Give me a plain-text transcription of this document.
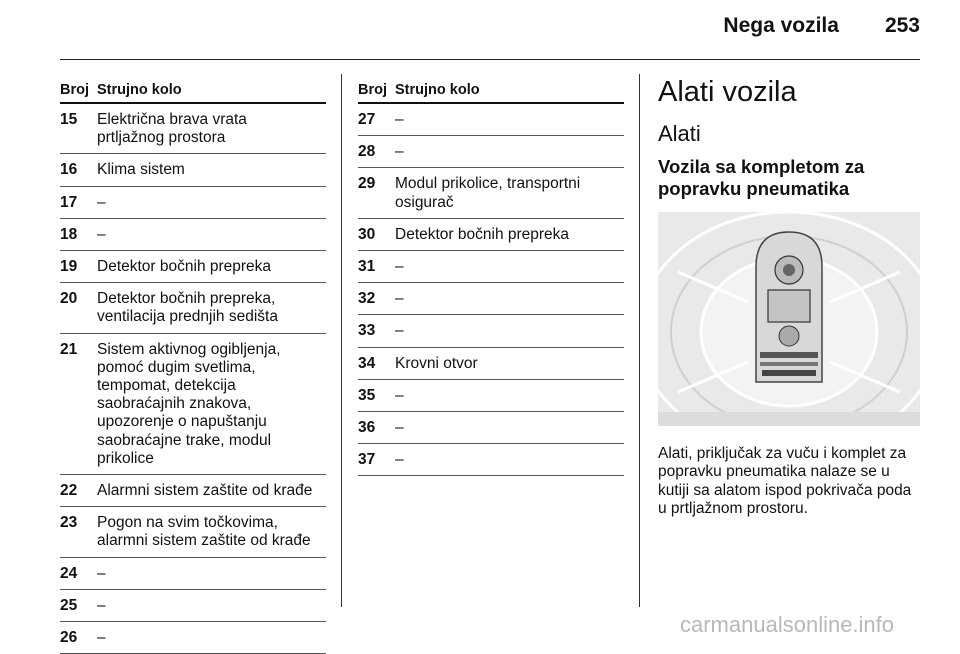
Nega vozila 253
Broj Strujno kolo
15	Električna brava vrata
prtljažnog prostora
16	Klima sistem
17	–
18	–
19	Detektor bočnih prepreka
20	Detektor bočnih prepreka,
ventilacija prednjih sedišta
21	Sistem aktivnog ogibljenja,
pomoć dugim svetlima,
tempomat, detekcija
saobraćajnih znakova,
upozorenje o napuštanju
saobraćajne trake, modul
prikolice
22	Alarmni sistem zaštite od krađe
23	Pogon na svim točkovima,
alarmni sistem zaštite od krađe
24	–
25	–
26	–
Broj Strujno kolo
27	–
28	–
29	Modul prikolice, transportni
osigurač
30	Detektor bočnih prepreka
31	–
32	–
33	–
34	Krovni otvor
35	–
36	–
37	–
Alati vozila
Alati
Vozila sa kompletom za
popravku pneumatika
Alati, priključak za vuču i komplet za
popravku pneumatika nalaze se u
kutiji sa alatom ispod pokrivača poda
u prtljažnom prostoru.
carmanualsonline.info
